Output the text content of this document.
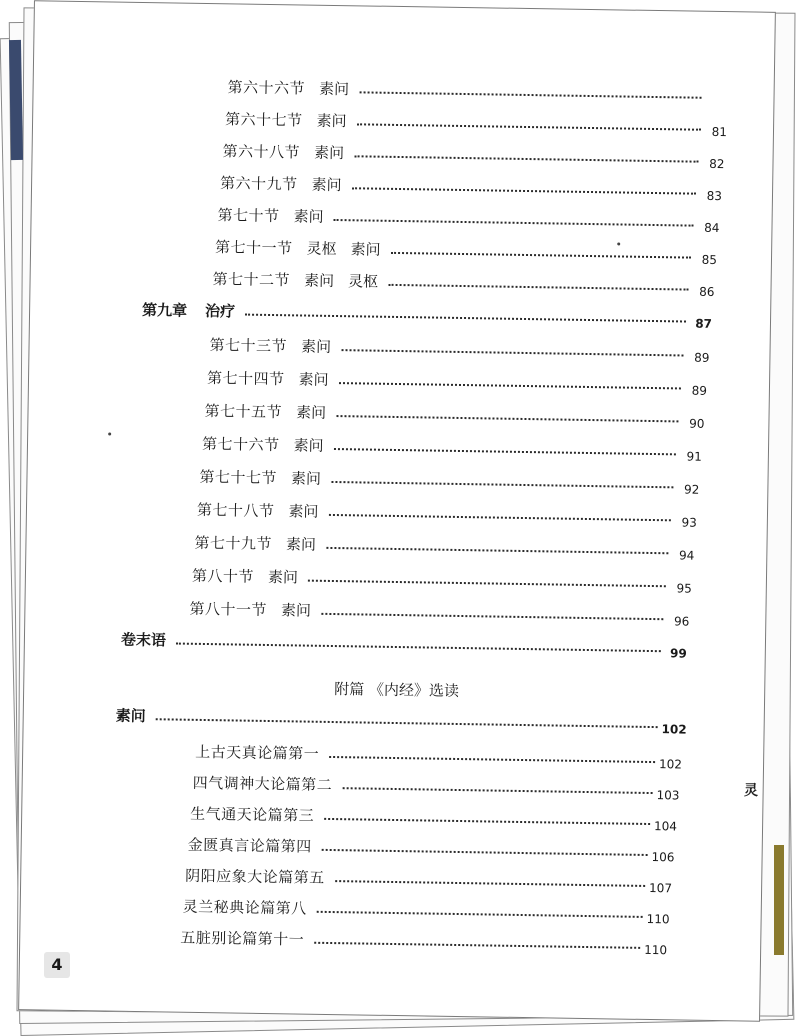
第六十六节 素问
第六十七节 素问
81
第六十八节 素问
82
第六十九节 素问
83
第七十节 素问
84
第七十一节 灵枢 素问
85
第七十二节 素问 灵枢
86
第九章 治疗
87
第七十三节 素问
89
第七十四节 素问
89
第七十五节 素问
90
第七十六节 素问
91
第七十七节 素问
92
第七十八节 素问
93
第七十九节 素问
94
第八十节 素问
95
第八十一节 素问
96
卷末语
99
附篇 《内经》选读
素问
102
上古天真论篇第一
102
四气调神大论篇第二
103
生气通天论篇第三
104
金匮真言论篇第四
106
阴阳应象大论篇第五
107
灵兰秘典论篇第八
110
五脏别论篇第十一
110
灵
4
